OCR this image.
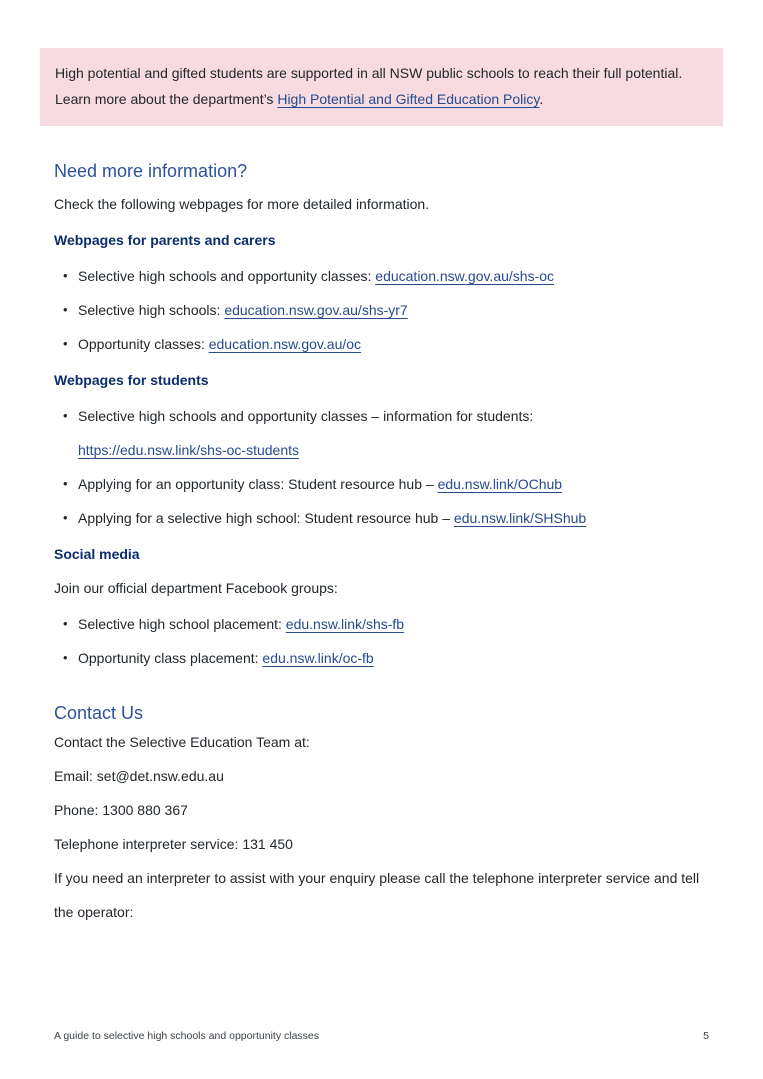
High potential and gifted students are supported in all NSW public schools to reach their full potential. Learn more about the department’s High Potential and Gifted Education Policy.

Need more information?

Check the following webpages for more detailed information.

Webpages for parents and carers
• Selective high schools and opportunity classes: education.nsw.gov.au/shs-oc
• Selective high schools: education.nsw.gov.au/shs-yr7
• Opportunity classes: education.nsw.gov.au/oc
Webpages for students
• Selective high schools and opportunity classes – information for students:
https://edu.nsw.link/shs-oc-students
• Applying for an opportunity class: Student resource hub – edu.nsw.link/OChub
• Applying for a selective high school: Student resource hub – edu.nsw.link/SHShub
Social media

Join our official department Facebook groups:

• Selective high school placement: edu.nsw.link/shs-fb
• Opportunity class placement: edu.nsw.link/oc-fb
Contact Us

Contact the Selective Education Team at:

Email: set@det.nsw.edu.au

Phone: 1300 880 367

Telephone interpreter service: 131 450

If you need an interpreter to assist with your enquiry please call the telephone interpreter service and tell the operator:

A guide to selective high schools and opportunity classes	5
